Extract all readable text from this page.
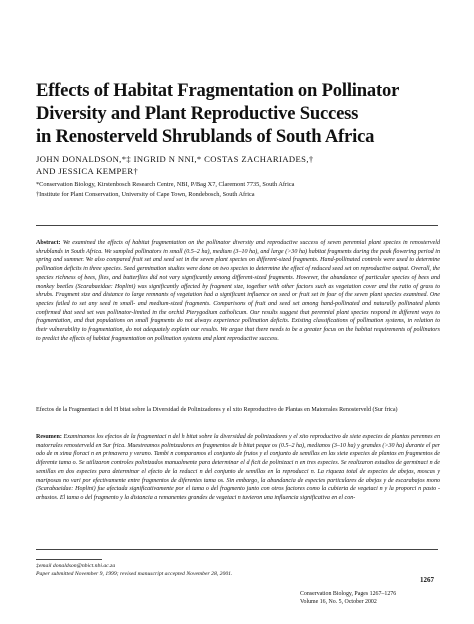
Effects of Habitat Fragmentation on Pollinator
Diversity and Plant Reproductive Success
in Renosterveld Shrublands of South Africa
JOHN DONALDSON,*‡ INGRID N NNI,* COSTAS ZACHARIADES,†
AND JESSICA KEMPER†
*Conservation Biology, Kirstenbosch Research Centre, NBI, P/Bag X7, Claremont 7735, South Africa
†Institute for Plant Conservation, University of Cape Town, Rondebosch, South Africa
Abstract: We examined the effects of habitat fragmentation on the pollinator diversity and reproductive success of seven perennial plant species in renosterveld shrublands in South Africa. We sampled pollinators in small (0.5–2 ha), medium (3–10 ha), and large (>30 ha) habitat fragments during the peak flowering period in spring and summer. We also compared fruit set and seed set in the seven plant species on different-sized fragments. Hand-pollinated controls were used to determine pollination deficits in three species. Seed germination studies were done on two species to determine the effect of reduced seed set on reproductive output. Overall, the species richness of bees, flies, and butterflies did not vary significantly among different-sized fragments. However, the abundance of particular species of bees and monkey beetles (Scarabaeidae: Hoplini) was significantly affected by fragment size, together with other factors such as vegetation cover and the ratio of grass to shrubs. Fragment size and distance to large remnants of vegetation had a significant influence on seed or fruit set in four of the seven plant species examined. One species failed to set any seed in small- and medium-sized fragments. Comparisons of fruit and seed set among hand-pollinated and naturally pollinated plants confirmed that seed set was pollinator-limited in the orchid Pterygodium catholicum. Our results suggest that perennial plant species respond in different ways to fragmentation, and that populations on small fragments do not always experience pollination deficits. Existing classifications of pollination systems, in relation to their vulnerability to fragmentation, do not adequately explain our results. We argue that there needs to be a greater focus on the habitat requirements of pollinators to predict the effects of habitat fragmentation on pollination systems and plant reproductive success.
Efectos de la Fragmentaci n del H bitat sobre la Diversidad de Polinizadores y el xito Reproductivo de Plantas en Matorrales Renosterveld (Sur frica)
Resumen: Examinamos los efectos de la fragmentaci n del h bitat sobre la diversidad de polinizadores y el xito reproductivo de siete especies de plantas perennes en matorrales renosterveld en Sur frica. Muestreamos polinizadores en fragmentos de h bitat peque os (0.5–2 ha), medianos (3–10 ha) y grandes (>30 ha) durante el per odo de m xima floraci n en primavera y verano. Tambi n comparamos el conjunto de frutos y el conjunto de semillas en las siete especies de plantas en fragmentos de diferente tama o. Se utilizaron controles polinizados manualmente para determinar el d ficit de polinizaci n en tres especies. Se realizaron estudios de germinaci n de semillas en dos especies para determinar el efecto de la reducci n del conjunto de semillas en la reproducci n. La riqueza total de especies de abejas, moscas y mariposas no vari por efectivamente entre fragmentos de diferentes tama os. Sin embargo, la abundancia de especies particulares de abejas y de escarabajos mono (Scarabaeidae: Hoplini) fue afectada significativamente por el tama o del fragmento junto con otros factores como la cubierta de vegetaci n y la proporci n pasto - arbustos. El tama o del fragmento y la distancia a remanentes grandes de vegetaci n tuvieron una influencia significativa en el con-
‡email donaldson@nbict.nbi.ac.za
Paper submitted November 9, 1999; revised manuscript accepted November 28, 2001.
1267
Conservation Biology, Pages 1267–1276
Volume 16, No. 5, October 2002
